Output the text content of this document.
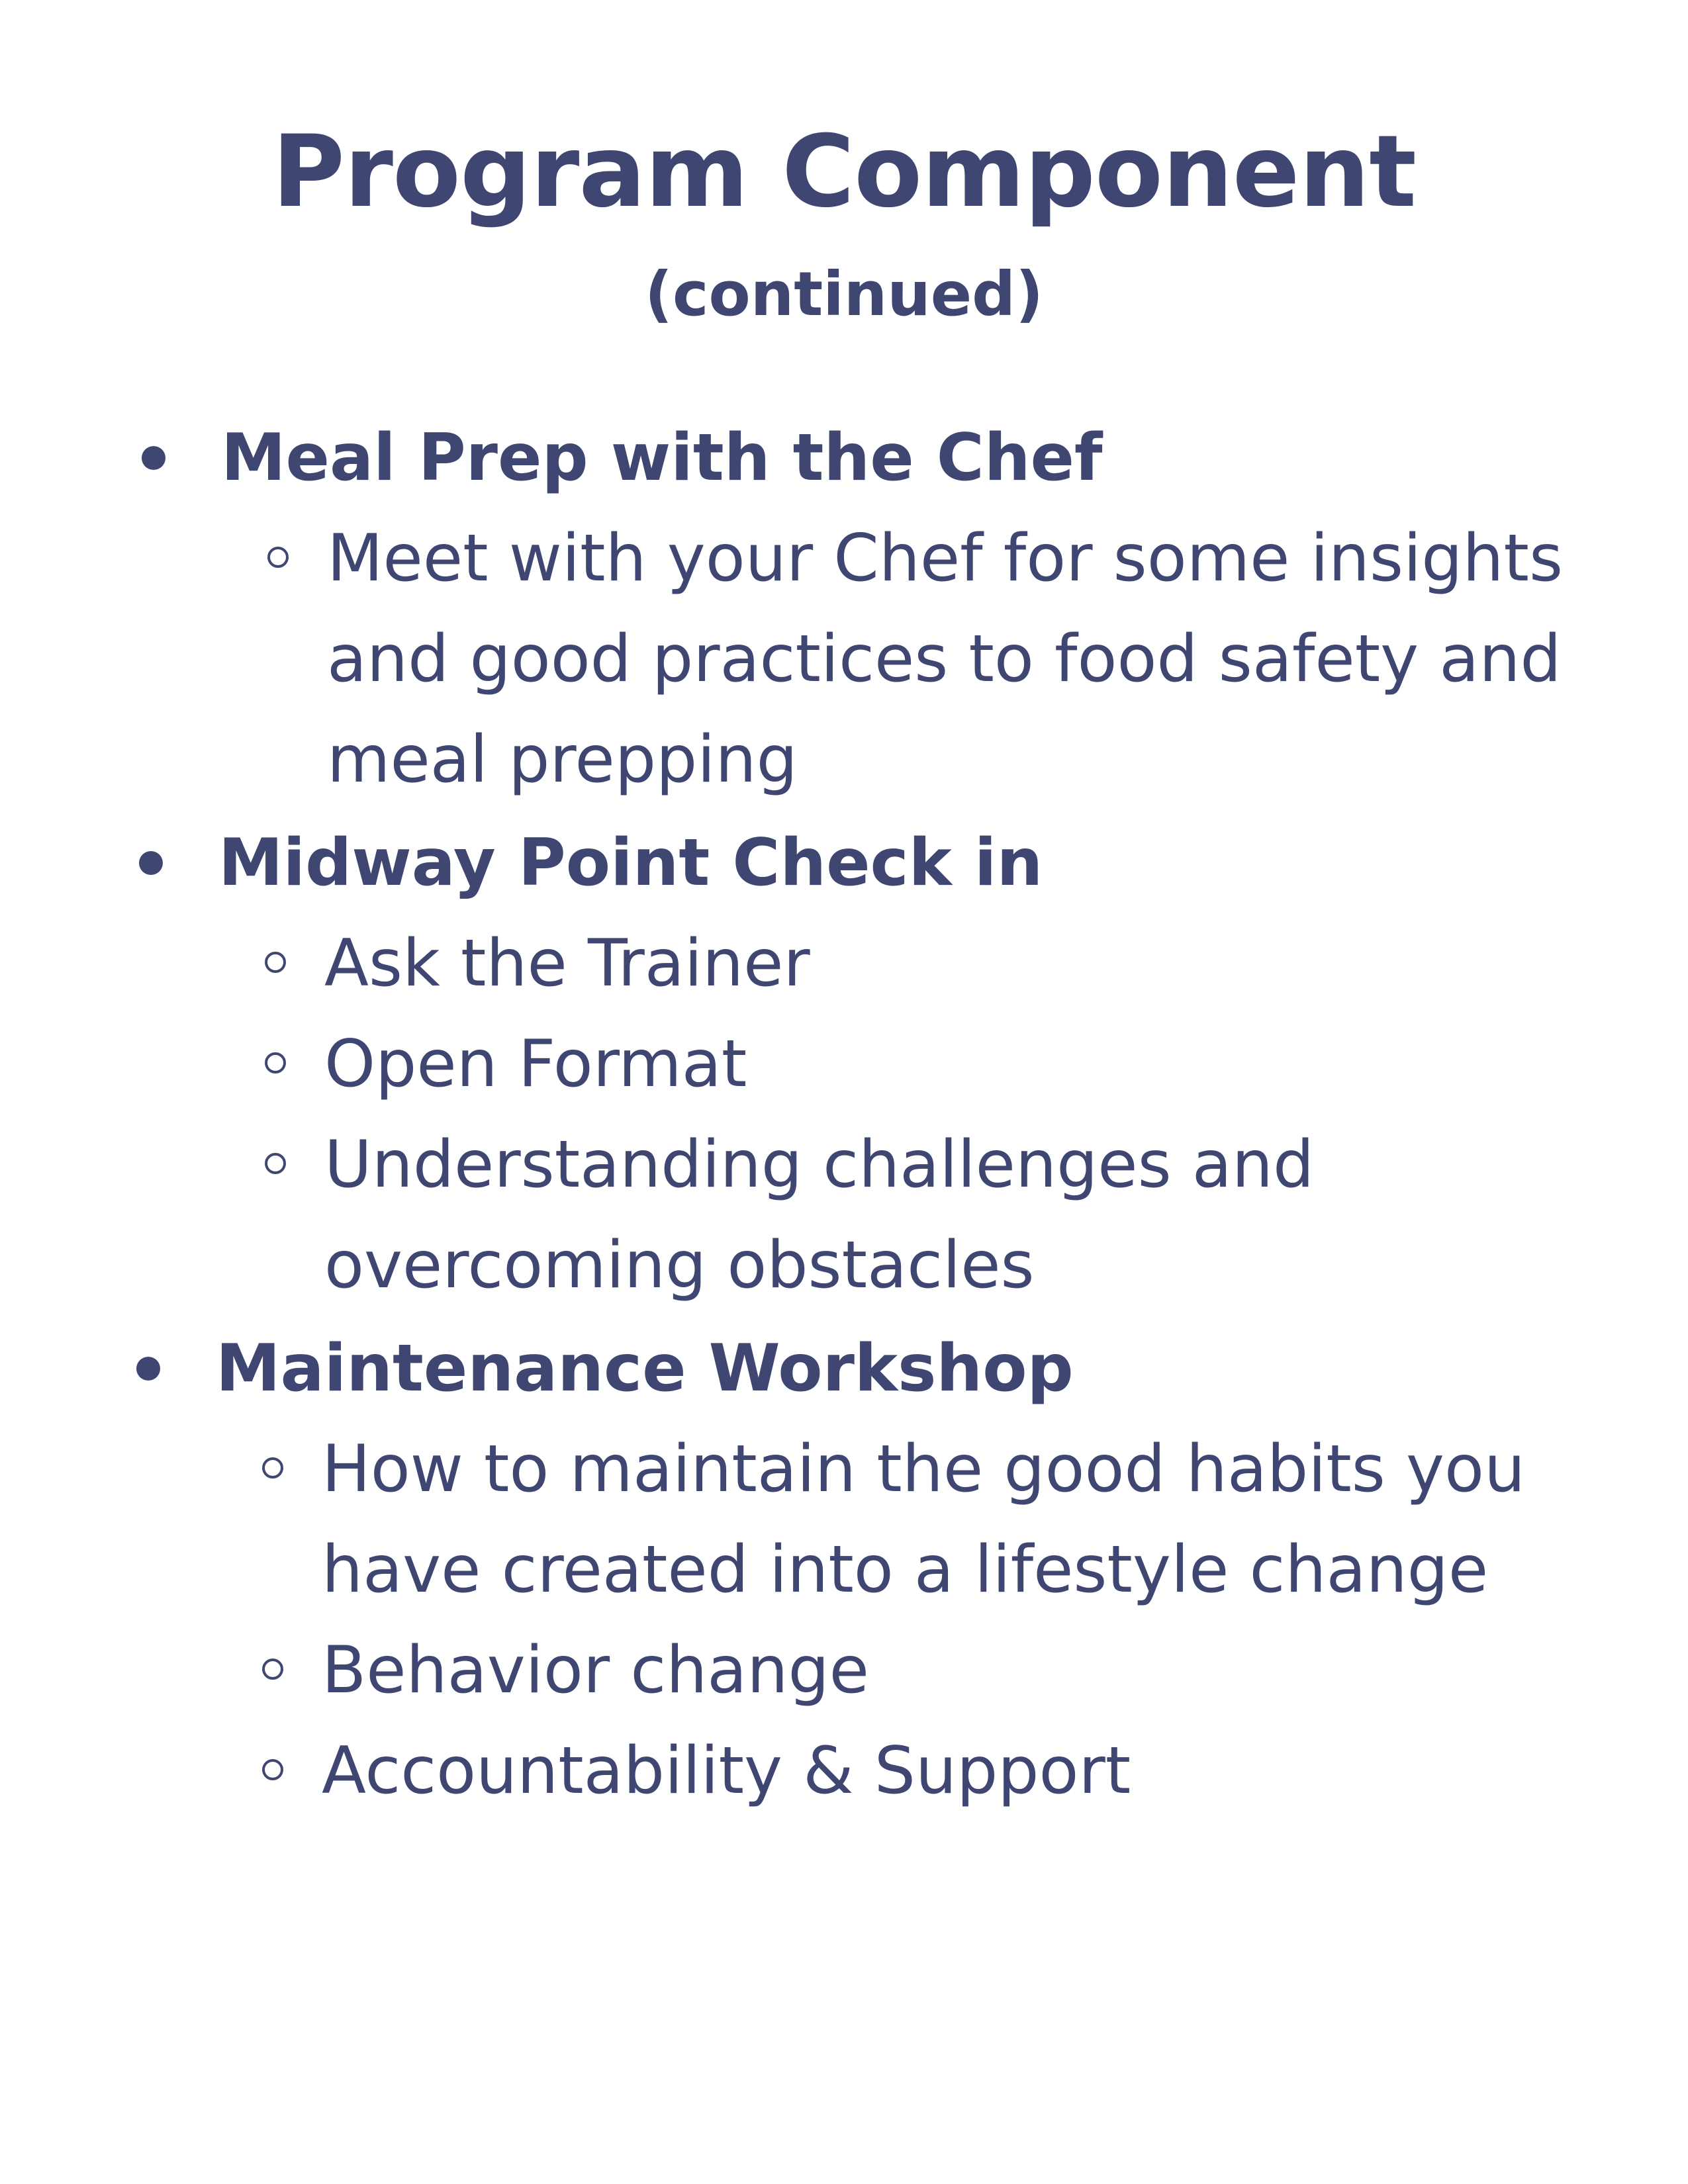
Program Component
(continued)
Meal Prep with the Chef
Meet with your Chef for some insights
and good practices to food safety and
meal prepping
Midway Point Check in
Ask the Trainer
Open Format
Understanding challenges and
overcoming obstacles
Maintenance Workshop
How to maintain the good habits you
have created into a lifestyle change
Behavior change
Accountability & Support
